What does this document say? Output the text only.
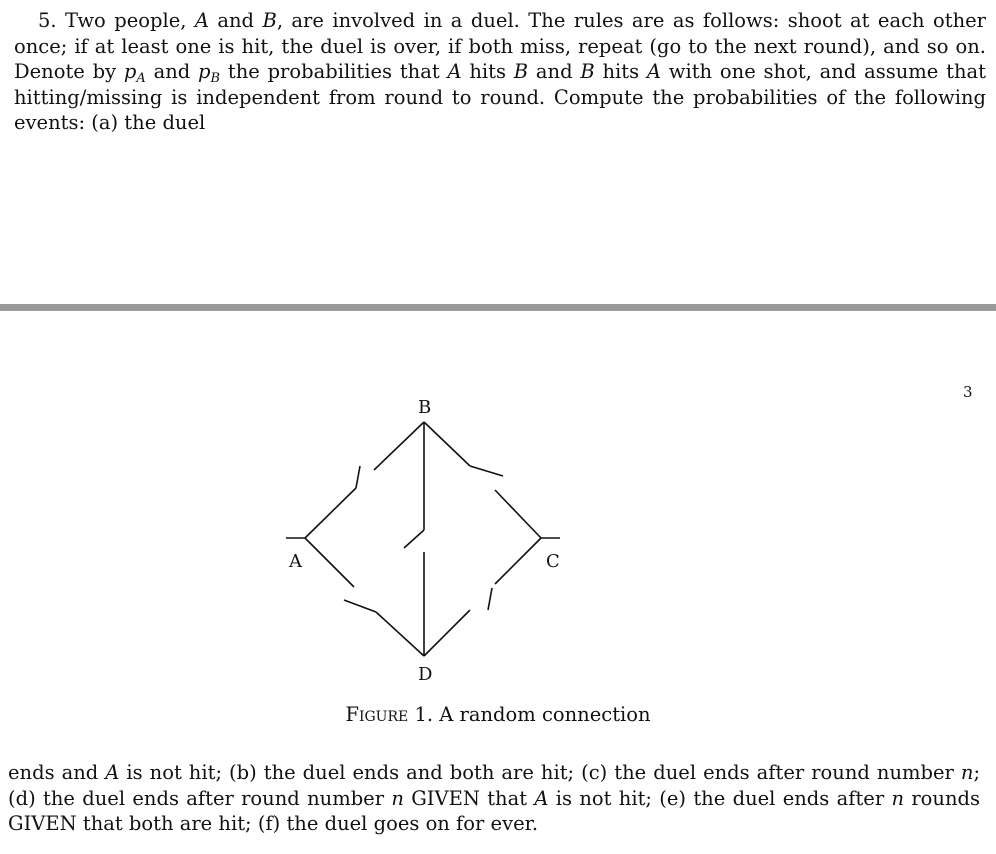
5. Two people, A and B, are involved in a duel. The rules are as follows: shoot at each other once; if at least one is hit, the duel is over, if both miss, repeat (go to the next round), and so on. Denote by $p_A$ and $p_B$ the probabilities that A hits B and B hits A with one shot, and assume that hitting/missing is independent from round to round. Compute the probabilities of the following events: (a) the duel
3
B
A	C
D
Figure 1. A random connection
ends and A is not hit; (b) the duel ends and both are hit; (c) the duel ends after round number n; (d) the duel ends after round number n GIVEN that A is not hit; (e) the duel ends after n rounds GIVEN that both are hit; (f) the duel goes on for ever.
